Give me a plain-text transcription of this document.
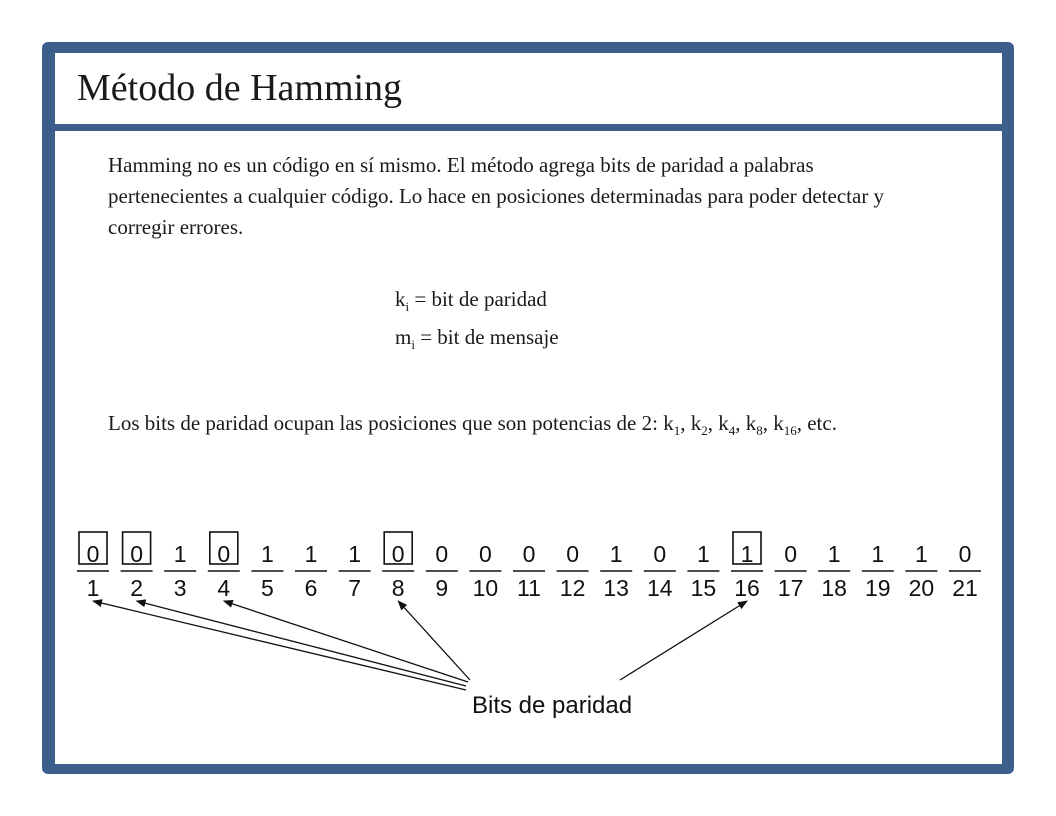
Método de Hamming

Hamming no es un código en sí mismo. El método agrega bits de paridad a palabras pertenecientes a cualquier código. Lo hace en posiciones determinadas para poder detectar y corregir errores.

$k_i$ = bit de paridad

$m_i$ = bit de mensaje

Los bits de paridad ocupan las posiciones que son potencias de 2: $k_1$, $k_2$, $k_4$, $k_8$, $k_{16}$, etc.

0
1
0
2
1
3
0
4
1
5
1
6
1
7
0
8
0
9
0
10
0
11
0
12
1
13
0
14
1
15
1
16
0
17
1
18
1
19
1
20
0
21
Bits de paridad
